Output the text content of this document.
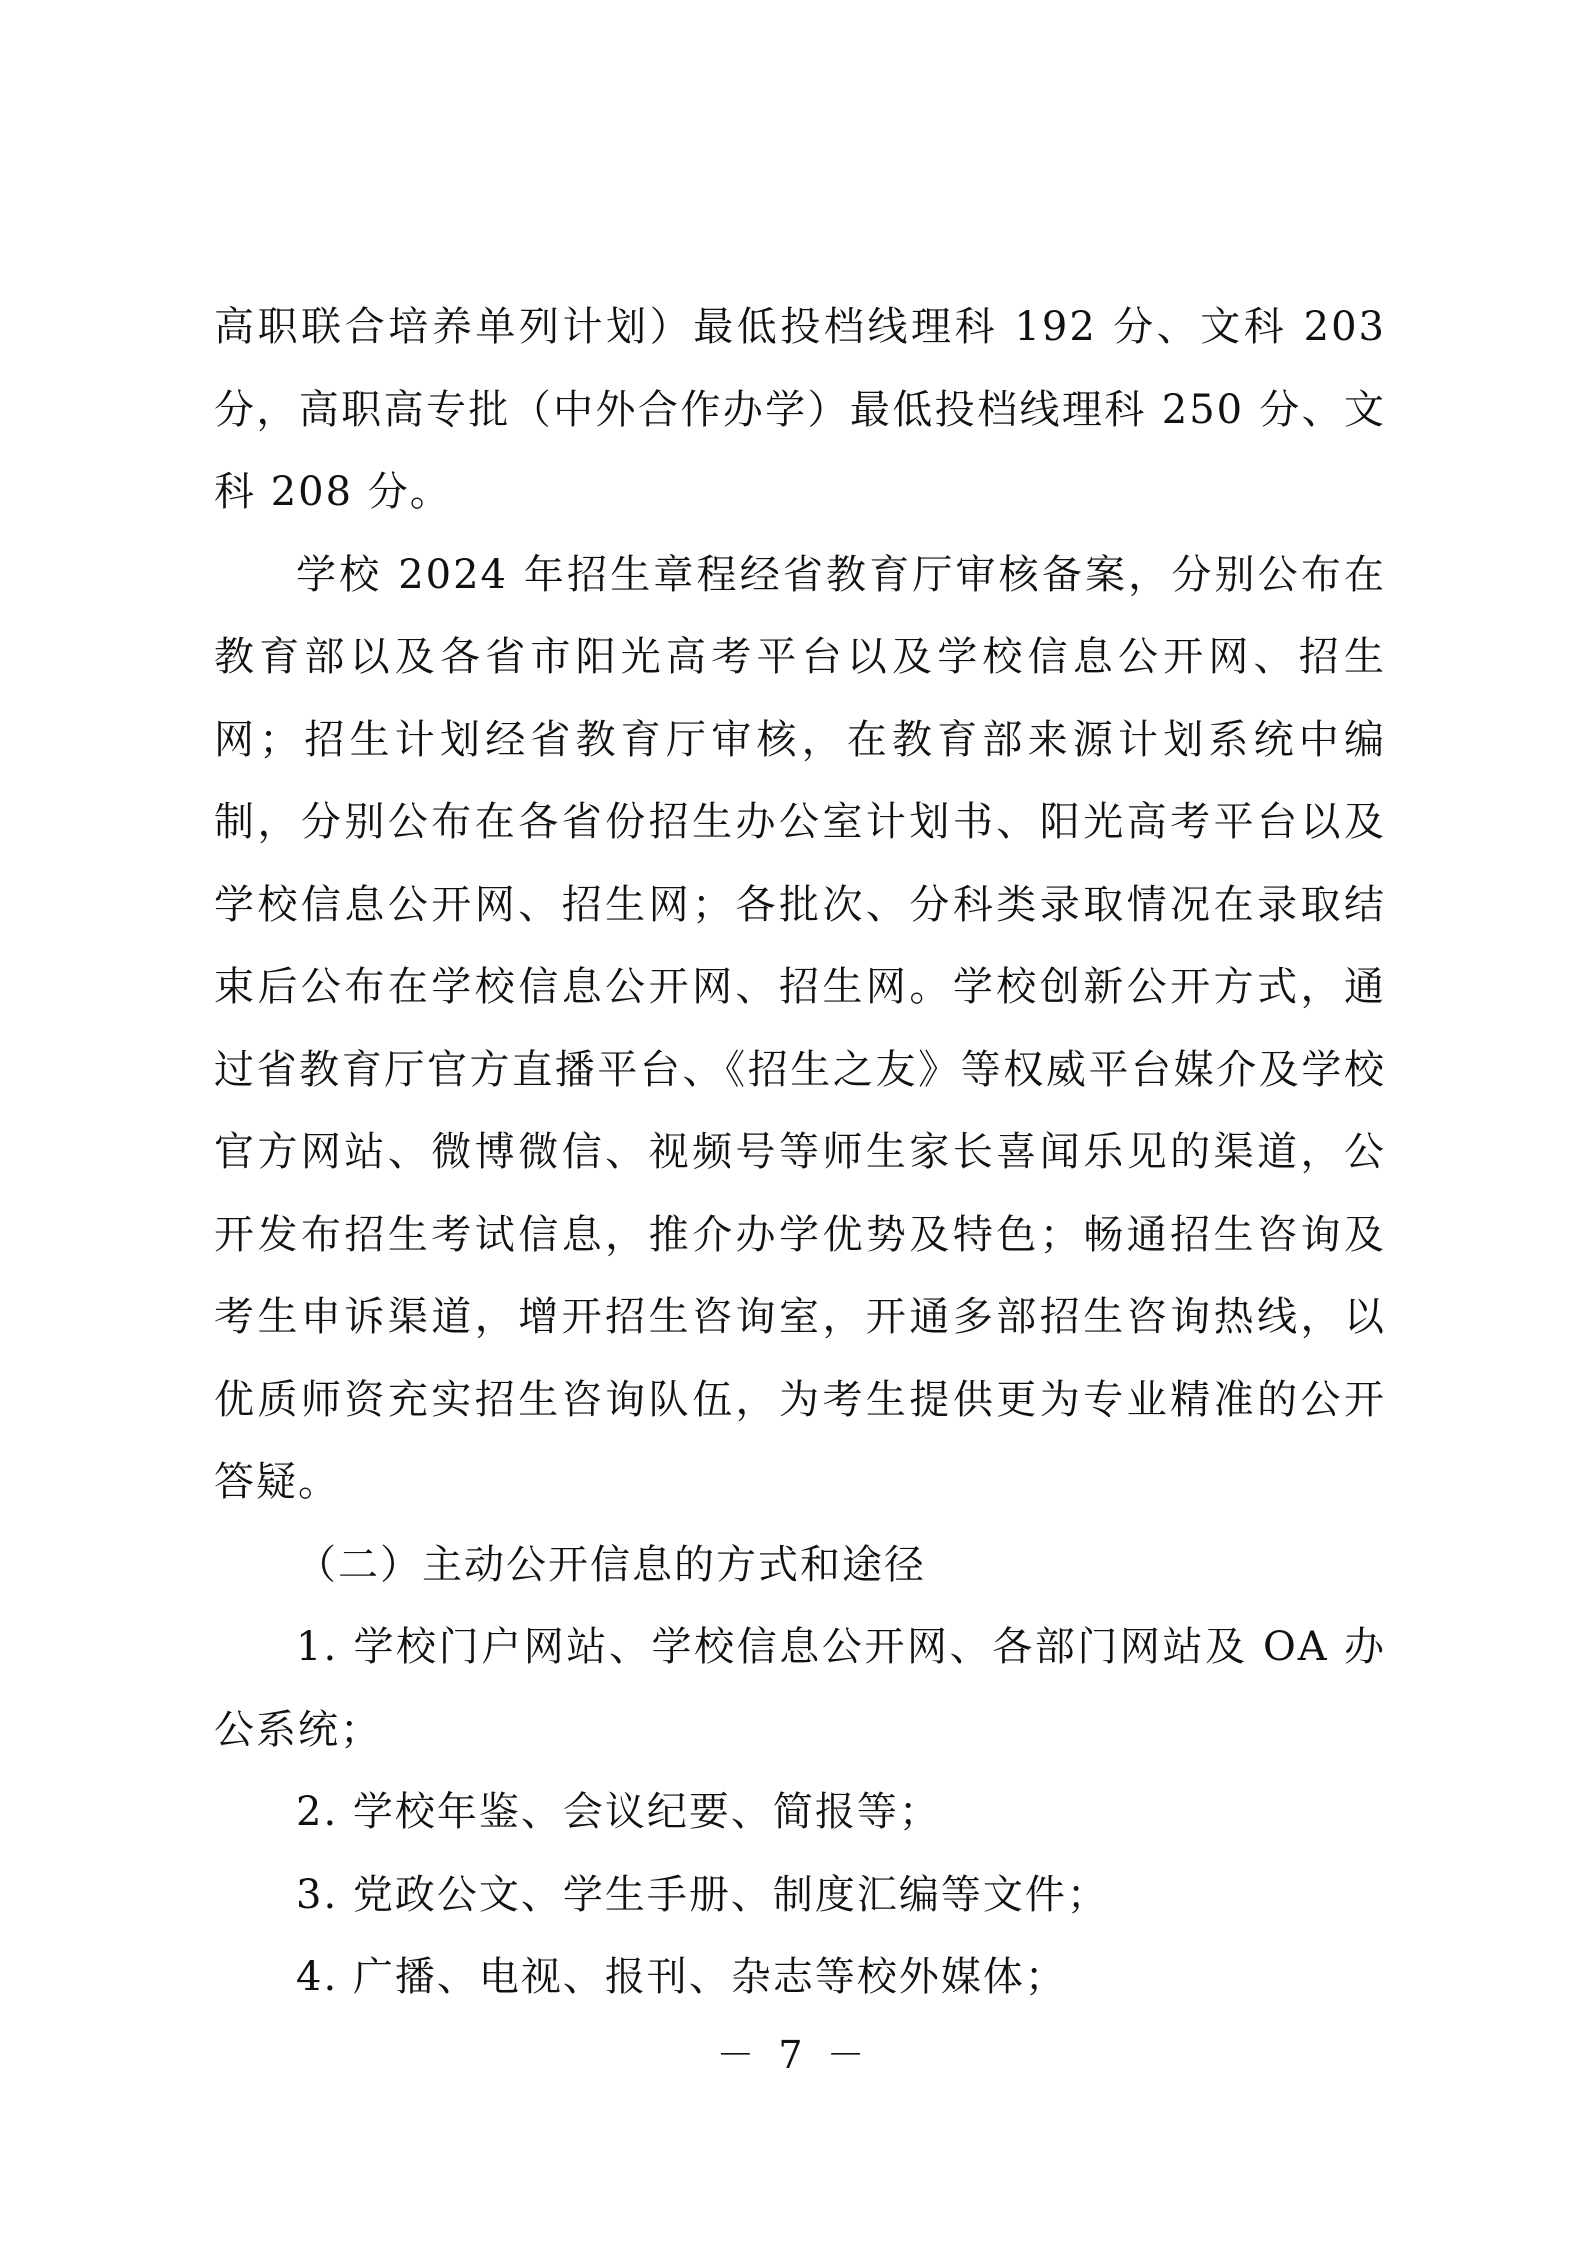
高职联合培养单列计划）最低投档线理科 192 分、文科 203 分，高职高专批（中外合作办学）最低投档线理科 250 分、文科 208 分。

学校 2024 年招生章程经省教育厅审核备案，分别公布在教育部以及各省市阳光高考平台以及学校信息公开网、招生网；招生计划经省教育厅审核，在教育部来源计划系统中编制，分别公布在各省份招生办公室计划书、阳光高考平台以及学校信息公开网、招生网；各批次、分科类录取情况在录取结束后公布在学校信息公开网、招生网。学校创新公开方式，通过省教育厅官方直播平台、《招生之友》等权威平台媒介及学校官方网站、微博微信、视频号等师生家长喜闻乐见的渠道，公开发布招生考试信息，推介办学优势及特色；畅通招生咨询及考生申诉渠道，增开招生咨询室，开通多部招生咨询热线，以优质师资充实招生咨询队伍，为考生提供更为专业精准的公开答疑。

（二）主动公开信息的方式和途径

1. 学校门户网站、学校信息公开网、各部门网站及 OA 办公系统；

2. 学校年鉴、会议纪要、简报等；

3. 党政公文、学生手册、制度汇编等文件；

4. 广播、电视、报刊、杂志等校外媒体；

－ 7 －
